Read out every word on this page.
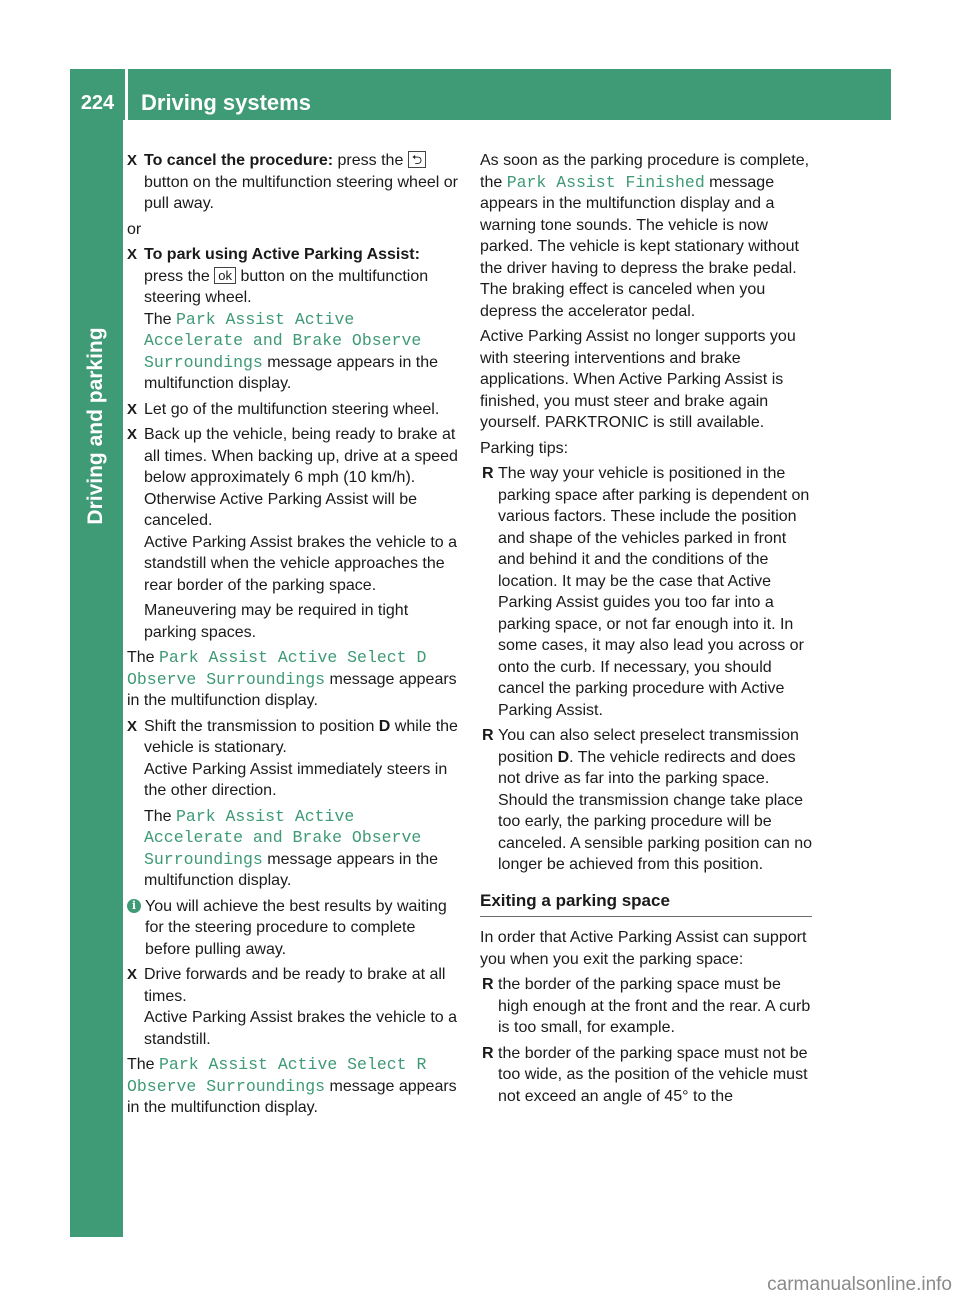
224	Driving systems
Driving and parking
X To cancel the procedure: press the ⮌ button on the multifunction steering wheel or pull away.

or

X To park using Active Parking Assist:
press the ok button on the multifunction steering wheel.
The Park Assist Active Accelerate and Brake Observe Surroundings message appears in the multifunction display.
X Let go of the multifunction steering wheel.
X Back up the vehicle, being ready to brake at all times. When backing up, drive at a speed below approximately 6 mph (10 km/h). Otherwise Active Parking Assist will be canceled.
Active Parking Assist brakes the vehicle to a standstill when the vehicle approaches the rear border of the parking space.
Maneuvering may be required in tight parking spaces.

The Park Assist Active Select D Observe Surroundings message appears in the multifunction display.

X Shift the transmission to position D while the vehicle is stationary.
Active Parking Assist immediately steers in the other direction.
The Park Assist Active Accelerate and Brake Observe Surroundings message appears in the multifunction display.
i You will achieve the best results by waiting for the steering procedure to complete before pulling away.
X Drive forwards and be ready to brake at all times.
Active Parking Assist brakes the vehicle to a standstill.

The Park Assist Active Select R Observe Surroundings message appears in the multifunction display.

As soon as the parking procedure is complete, the Park Assist Finished message appears in the multifunction display and a warning tone sounds. The vehicle is now parked. The vehicle is kept stationary without the driver having to depress the brake pedal. The braking effect is canceled when you depress the accelerator pedal.

Active Parking Assist no longer supports you with steering interventions and brake applications. When Active Parking Assist is finished, you must steer and brake again yourself. PARKTRONIC is still available.

Parking tips:

R The way your vehicle is positioned in the parking space after parking is dependent on various factors. These include the position and shape of the vehicles parked in front and behind it and the conditions of the location. It may be the case that Active Parking Assist guides you too far into a parking space, or not far enough into it. In some cases, it may also lead you across or onto the curb. If necessary, you should cancel the parking procedure with Active Parking Assist.
R You can also select preselect transmission position D. The vehicle redirects and does not drive as far into the parking space. Should the transmission change take place too early, the parking procedure will be canceled. A sensible parking position can no longer be achieved from this position.
Exiting a parking space

In order that Active Parking Assist can support you when you exit the parking space:

R the border of the parking space must be high enough at the front and the rear. A curb is too small, for example.
R the border of the parking space must not be too wide, as the position of the vehicle must not exceed an angle of 45° to the
carmanualsonline.info
